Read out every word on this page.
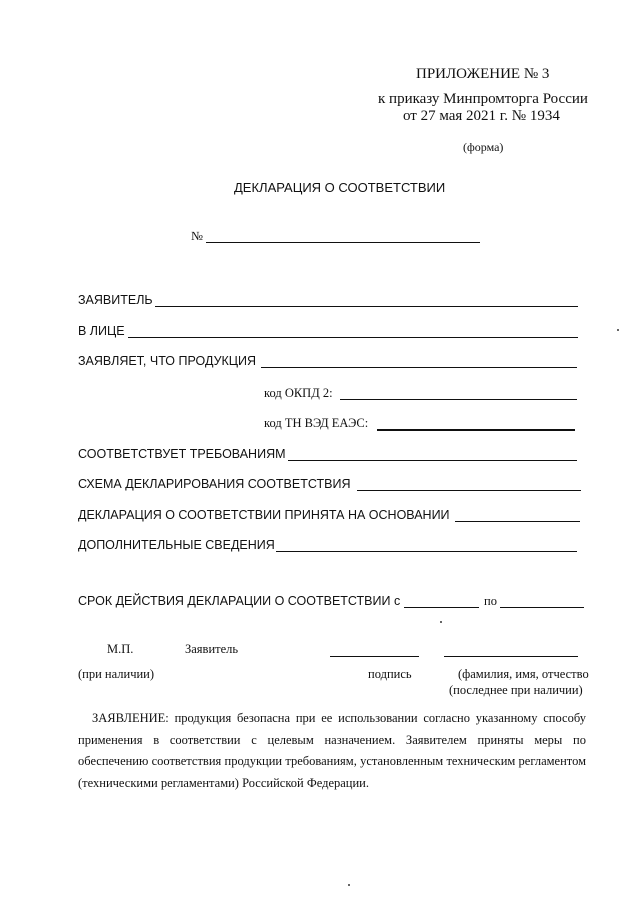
ПРИЛОЖЕНИЕ № 3
к приказу Минпромторга России
от 27 мая 2021 г. № 1934
(форма)
ДЕКЛАРАЦИЯ О СООТВЕТСТВИИ
№
ЗАЯВИТЕЛЬ
В ЛИЦЕ
ЗАЯВЛЯЕТ, ЧТО ПРОДУКЦИЯ
код ОКПД 2:
код ТН ВЭД ЕАЭС:
СООТВЕТСТВУЕТ ТРЕБОВАНИЯМ
СХЕМА ДЕКЛАРИРОВАНИЯ СООТВЕТСТВИЯ
ДЕКЛАРАЦИЯ О СООТВЕТСТВИИ ПРИНЯТА НА ОСНОВАНИИ
ДОПОЛНИТЕЛЬНЫЕ СВЕДЕНИЯ
СРОК ДЕЙСТВИЯ ДЕКЛАРАЦИИ О СООТВЕТСТВИИ с	по
М.П.	Заявитель
(при наличии)	подпись	(фамилия, имя, отчество
(последнее при наличии)
ЗАЯВЛЕНИЕ: продукция безопасна при ее использовании согласно указанному способу применения в соответствии с целевым назначением. Заявителем приняты меры по обеспечению соответствия продукции требованиям, установленным техническим регламентом (техническими регламентами) Российской Федерации.
